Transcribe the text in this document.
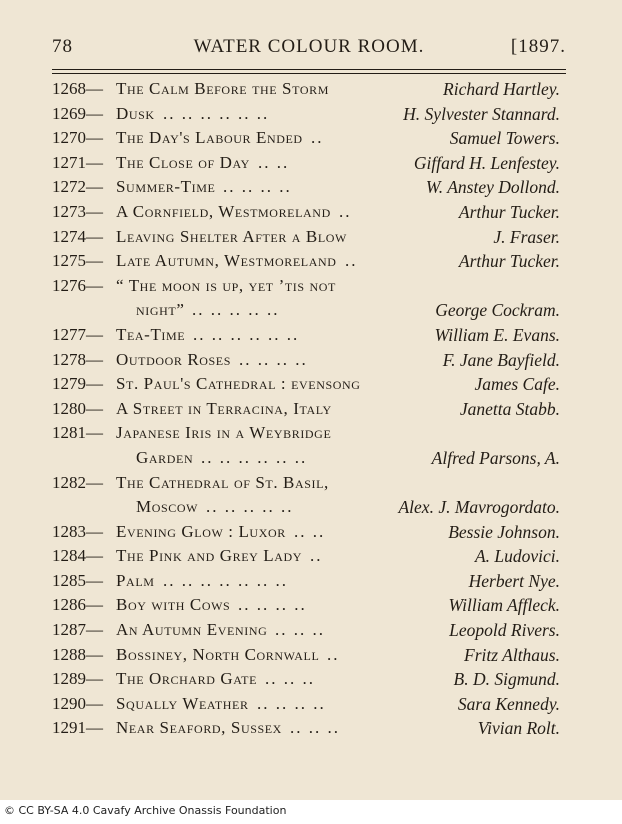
78	WATER COLOUR ROOM.	[1897.
1268— The Calm Before the Storm	Richard Hartley.
1269— Dusk .. .. .. .. .. ..	H. Sylvester Stannard.
1270— The Day's Labour Ended ..	Samuel Towers.
1271— The Close of Day .. ..	Giffard H. Lenfestey.
1272— Summer-Time .. .. .. ..	W. Anstey Dollond.
1273— A Cornfield, Westmoreland ..	Arthur Tucker.
1274— Leaving Shelter After a Blow	J. Fraser.
1275— Late Autumn, Westmoreland ..	Arthur Tucker.
1276— “ The moon is up, yet ’tis not
night” .. .. .. .. ..	George Cockram.
1277— Tea-Time .. .. .. .. .. ..	William E. Evans.
1278— Outdoor Roses .. .. .. ..	F. Jane Bayfield.
1279— St. Paul's Cathedral : evensong	James Cafe.
1280— A Street in Terracina, Italy	Janetta Stabb.
1281— Japanese Iris in a Weybridge
Garden .. .. .. .. .. ..	Alfred Parsons, A.
1282— The Cathedral of St. Basil,
Moscow .. .. .. .. ..	Alex. J. Mavrogordato.
1283— Evening Glow : Luxor .. ..	Bessie Johnson.
1284— The Pink and Grey Lady ..	A. Ludovici.
1285— Palm .. .. .. .. .. .. ..	Herbert Nye.
1286— Boy with Cows .. .. .. ..	William Affleck.
1287— An Autumn Evening .. .. ..	Leopold Rivers.
1288— Bossiney, North Cornwall ..	Fritz Althaus.
1289— The Orchard Gate .. .. ..	B. D. Sigmund.
1290— Squally Weather .. .. .. ..	Sara Kennedy.
1291— Near Seaford, Sussex .. .. ..	Vivian Rolt.
© CC BY-SA 4.0 Cavafy Archive Onassis Foundation
